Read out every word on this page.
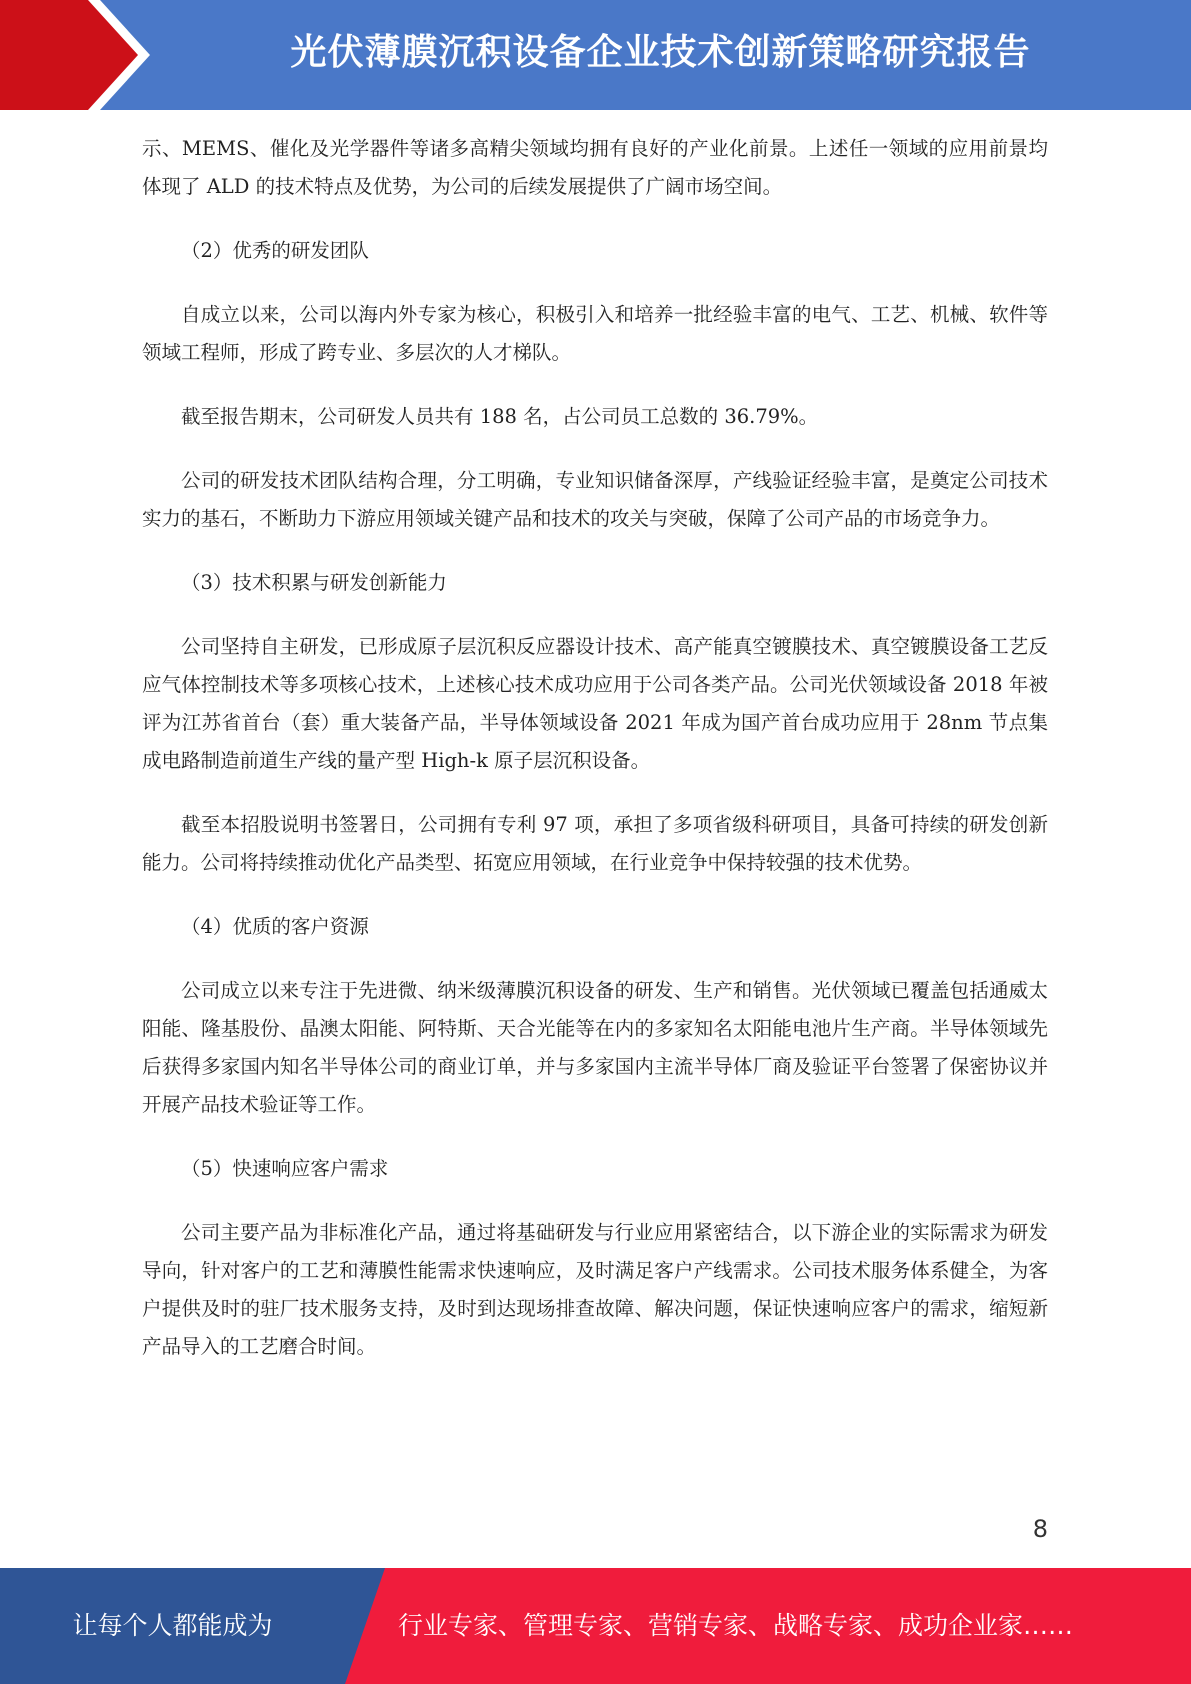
光伏薄膜沉积设备企业技术创新策略研究报告

示、MEMS、催化及光学器件等诸多高精尖领域均拥有良好的产业化前景。上述任一领域的应用前景均体现了 ALD 的技术特点及优势，为公司的后续发展提供了广阔市场空间。

（2）优秀的研发团队

自成立以来，公司以海内外专家为核心，积极引入和培养一批经验丰富的电气、工艺、机械、软件等领域工程师，形成了跨专业、多层次的人才梯队。

截至报告期末，公司研发人员共有 188 名，占公司员工总数的 36.79%。

公司的研发技术团队结构合理，分工明确，专业知识储备深厚，产线验证经验丰富，是奠定公司技术实力的基石，不断助力下游应用领域关键产品和技术的攻关与突破，保障了公司产品的市场竞争力。

（3）技术积累与研发创新能力

公司坚持自主研发，已形成原子层沉积反应器设计技术、高产能真空镀膜技术、真空镀膜设备工艺反应气体控制技术等多项核心技术，上述核心技术成功应用于公司各类产品。公司光伏领域设备 2018 年被评为江苏省首台（套）重大装备产品，半导体领域设备 2021 年成为国产首台成功应用于 28nm 节点集成电路制造前道生产线的量产型 High-k 原子层沉积设备。

截至本招股说明书签署日，公司拥有专利 97 项，承担了多项省级科研项目，具备可持续的研发创新能力。公司将持续推动优化产品类型、拓宽应用领域，在行业竞争中保持较强的技术优势。

（4）优质的客户资源

公司成立以来专注于先进微、纳米级薄膜沉积设备的研发、生产和销售。光伏领域已覆盖包括通威太阳能、隆基股份、晶澳太阳能、阿特斯、天合光能等在内的多家知名太阳能电池片生产商。半导体领域先后获得多家国内知名半导体公司的商业订单，并与多家国内主流半导体厂商及验证平台签署了保密协议并开展产品技术验证等工作。

（5）快速响应客户需求

公司主要产品为非标准化产品，通过将基础研发与行业应用紧密结合，以下游企业的实际需求为研发导向，针对客户的工艺和薄膜性能需求快速响应，及时满足客户产线需求。公司技术服务体系健全，为客户提供及时的驻厂技术服务支持，及时到达现场排查故障、解决问题，保证快速响应客户的需求，缩短新产品导入的工艺磨合时间。

8
让每个人都能成为	行业专家、管理专家、营销专家、战略专家、成功企业家……
